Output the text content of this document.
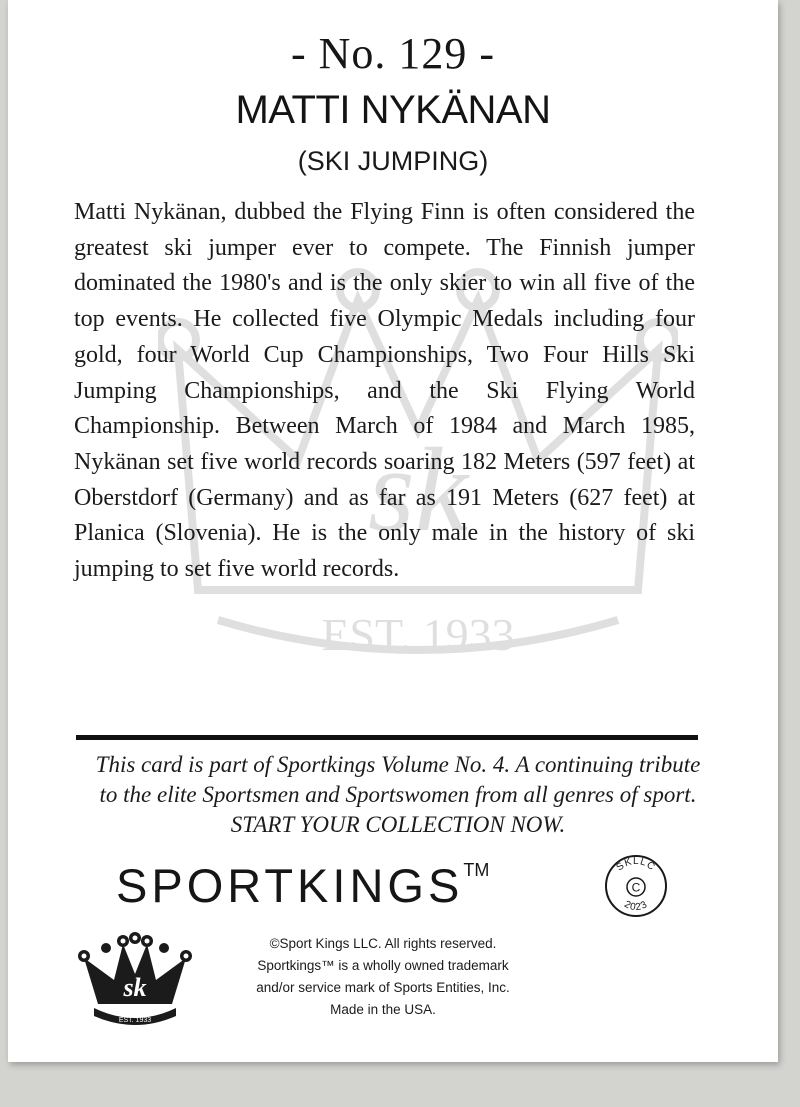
sk
EST. 1933
- No. 129 -
MATTI NYKÄNAN
(SKI JUMPING)

Matti Nykänan, dubbed the Flying Finn is often considered the greatest ski jumper ever to compete. The Finnish jumper dominated the 1980's and is the only skier to win all five of the top events. He collected five Olympic Medals including four gold, four World Cup Championships, Two Four Hills Ski Jumping Championships, and the Ski Flying World Championship. Between March of 1984 and March 1985, Nykänan set five world records soaring 182 Meters (597 feet) at Oberstdorf (Germany) and as far as 191 Meters (627 feet) at Planica (Slovenia). He is the only male in the history of ski jumping to set five world records.

This card is part of Sportkings Volume No. 4. A continuing tribute
to the elite Sportsmen and Sportswomen from all genres of sport.
START YOUR COLLECTION NOW.
SPORTKINGS™	SKLLC
C
2023
sk
EST. 1933
©Sport Kings LLC. All rights reserved.
Sportkings™ is a wholly owned trademark
and/or service mark of Sports Entities, Inc.
Made in the USA.
